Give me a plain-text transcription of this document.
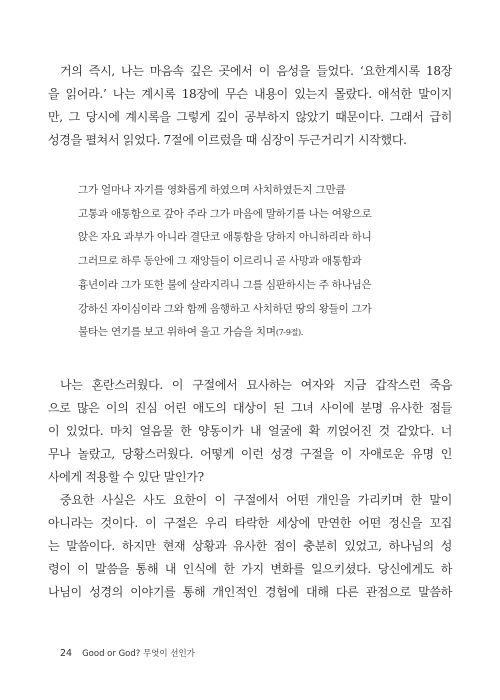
거의 즉시, 나는 마음속 깊은 곳에서 이 음성을 들었다. ‘요한계시록 18장
을 읽어라.’ 나는 계시록 18장에 무슨 내용이 있는지 몰랐다. 애석한 말이지
만, 그 당시에 계시록을 그렇게 깊이 공부하지 않았기 때문이다. 그래서 급히
성경을 펼쳐서 읽었다. 7절에 이르렀을 때 심장이 두근거리기 시작했다.
그가 얼마나 자기를 영화롭게 하였으며 사치하였든지 그만큼
고통과 애통함으로 갚아 주라 그가 마음에 말하기를 나는 여왕으로
앉은 자요 과부가 아니라 결단코 애통함을 당하지 아니하리라 하니
그러므로 하루 동안에 그 재앙들이 이르리니 곧 사망과 애통함과
흉년이라 그가 또한 불에 살라지리니 그를 심판하시는 주 하나님은
강하신 자이심이라 그와 함께 음행하고 사치하던 땅의 왕들이 그가
불타는 연기를 보고 위하여 울고 가슴을 치며(7-9절).
나는 혼란스러웠다. 이 구절에서 묘사하는 여자와 지금 갑작스런 죽음
으로 많은 이의 진심 어린 애도의 대상이 된 그녀 사이에 분명 유사한 점들
이 있었다. 마치 얼음물 한 양동이가 내 얼굴에 확 끼얹어진 것 같았다. 너
무나 놀랐고, 당황스러웠다. 어떻게 이런 성경 구절을 이 자애로운 유명 인
사에게 적용할 수 있단 말인가?
중요한 사실은 사도 요한이 이 구절에서 어떤 개인을 가리키며 한 말이
아니라는 것이다. 이 구절은 우리 타락한 세상에 만연한 어떤 정신을 꼬집
는 말씀이다. 하지만 현재 상황과 유사한 점이 충분히 있었고, 하나님의 성
령이 이 말씀을 통해 내 인식에 한 가지 변화를 일으키셨다. 당신에게도 하
나님이 성경의 이야기를 통해 개인적인 경험에 대해 다른 관점으로 말씀하
24 Good or God? 무엇이 선인가
